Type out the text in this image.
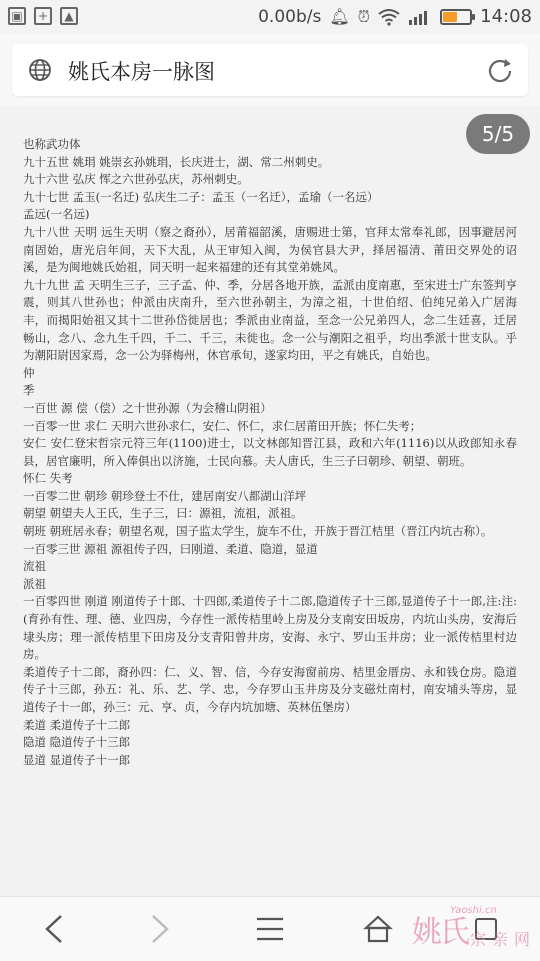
▣	+	▲	0.00b/s 🔔︎ ⏰︎	14:08
姚氏本房一脉图
5/5
也称武功体
九十五世 姚琄 姚崇玄孙姚琄，长庆进士，湖、常二州刺史。
九十六世 弘庆 恽之六世孙弘庆，苏州刺史。
九十七世 孟玉(一名迁) 弘庆生二子：孟玉（一名迁），孟瑜（一名远）
孟远(一名远)
九十八世 天明 远生天明（察之裔孙），居莆福韶溪，唐赐进士第，官拜太常奉礼郎，因事避居河南固始，唐光启年间，天下大乱，从王审知入闽，为侯官县大尹，择居福清、莆田交界处的诏溪，是为闽地姚氏始祖，同天明一起来福建的还有其堂弟姚风。
九十九世 孟 天明生三子，三子孟、仲、季，分居各地开族，孟派由度南惠，至宋进士广东签判亨震，则其八世孙也；仲派由庆南升，至六世孙朝主，为漳之祖，十世伯绍、伯纯兄弟入广居海丰，而揭阳始祖又其十二世孙岱徙居也；季派由业南益，至念一公兄弟四人，念二生廷喜，迁居畅山，念八、念九生千四，千二、千三，未徙也。念一公与潮阳之祖乎，均出季派十世支队。乎为潮阳尉因家焉，念一公为驿梅州，休官承旬，遂家均田，平之有姚氏，自始也。
仲
季
一百世 源 偿（偿）之十世孙源（为会稽山阴祖）
一百零一世 求仁 天明六世孙求仁，安仁、怀仁，求仁居莆田开族；怀仁失考；
安仁 安仁登宋哲宗元符三年(1100)进士，以文林郎知晋江县，政和六年(1116)以从政郎知永春县，居官廉明，所入俸俱出以济施，士民向慕。夫人唐氏，生三子曰朝珍、朝望、朝班。
怀仁 失考
一百零二世 朝珍 朝珍登士不仕，建居南安八都湖山洋坪
朝望 朝望夫人王氏，生子三，曰：源祖，流祖，派祖。
朝班 朝班居永春；朝望名观，国子监太学生，旋车不仕，开族于晋江桔里（晋江内坑古称）。
一百零三世 源祖 源祖传子四，曰刚道、柔道、隐道，显道
流祖
派祖
一百零四世 刚道 刚道传子十郎、十四郎,柔道传子十二郎,隐道传子十三郎,显道传子十一郎,注:注:(育孙有性、理、德、业四房，今存性一派传桔里岭上房及分支南安田坂房，内坑山头房，安海后埭头房；理一派传桔里下田房及分支青阳曾井房，安海、永宁、罗山玉井房；业一派传桔里村边房。
柔道传子十二郎，裔孙四：仁、义、智、信，今存安海窗前房、桔里金厝房、永和钱仓房。隐道传子十三郎，孙五：礼、乐、艺、学、忠，今存罗山玉井房及分支磁灶南村，南安埔头等房，显道传子十一郎，孙三：元、亨、贞，今存内坑加塘、英林伍堡房）
柔道 柔道传子十二郎
隐道 隐道传子十三郎
显道 显道传子十一郎
姚氏
Yaoshi.cn
宗亲网
